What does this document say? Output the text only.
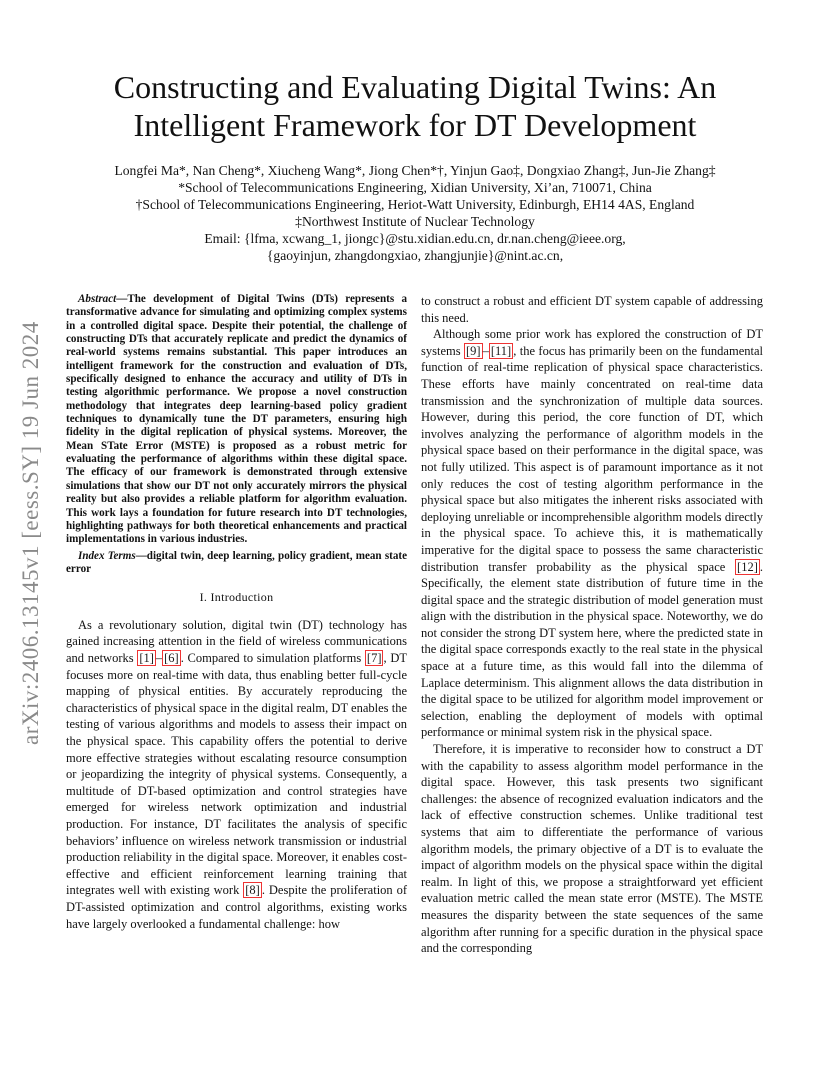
arXiv:2406.13145v1 [eess.SY] 19 Jun 2024
Constructing and Evaluating Digital Twins: An
Intelligent Framework for DT Development
Longfei Ma*, Nan Cheng*, Xiucheng Wang*, Jiong Chen*†, Yinjun Gao‡, Dongxiao Zhang‡, Jun-Jie Zhang‡
*School of Telecommunications Engineering, Xidian University, Xi’an, 710071, China
†School of Telecommunications Engineering, Heriot-Watt University, Edinburgh, EH14 4AS, England
‡Northwest Institute of Nuclear Technology
Email: {lfma, xcwang_1, jiongc}@stu.xidian.edu.cn, dr.nan.cheng@ieee.org,
{gaoyinjun, zhangdongxiao, zhangjunjie}@nint.ac.cn,

Abstract—The development of Digital Twins (DTs) represents a transformative advance for simulating and optimizing complex systems in a controlled digital space. Despite their potential, the challenge of constructing DTs that accurately replicate and predict the dynamics of real-world systems remains substantial. This paper introduces an intelligent framework for the construction and evaluation of DTs, specifically designed to enhance the accuracy and utility of DTs in testing algorithmic performance. We propose a novel construction methodology that integrates deep learning-based policy gradient techniques to dynamically tune the DT parameters, ensuring high fidelity in the digital replication of physical systems. Moreover, the Mean STate Error (MSTE) is proposed as a robust metric for evaluating the performance of algorithms within these digital space. The efficacy of our framework is demonstrated through extensive simulations that show our DT not only accurately mirrors the physical reality but also provides a reliable platform for algorithm evaluation. This work lays a foundation for future research into DT technologies, highlighting pathways for both theoretical enhancements and practical implementations in various industries.

Index Terms—digital twin, deep learning, policy gradient, mean state error

I. Introduction

As a revolutionary solution, digital twin (DT) technology has gained increasing attention in the field of wireless communications and networks [1] – [6] . Compared to simulation platforms [7] , DT focuses more on real-time with data, thus enabling better full-cycle mapping of physical entities. By accurately reproducing the characteristics of physical space in the digital realm, DT enables the testing of various algorithms and models to assess their impact on the physical space. This capability offers the potential to derive more effective strategies without escalating resource consumption or jeopardizing the integrity of physical systems. Consequently, a multitude of DT-based optimization and control strategies have emerged for wireless network optimization and industrial production. For instance, DT facilitates the analysis of specific behaviors’ influence on wireless network transmission or industrial production reliability in the digital space. Moreover, it enables cost-effective and efficient reinforcement learning training that integrates well with existing work [8] . Despite the proliferation of DT-assisted optimization and control algorithms, existing works have largely overlooked a fundamental challenge: how

to construct a robust and efficient DT system capable of addressing this need.

Although some prior work has explored the construction of DT systems [9] – [11] , the focus has primarily been on the fundamental function of real-time replication of physical space characteristics. These efforts have mainly concentrated on real-time data transmission and the synchronization of multiple data sources. However, during this period, the core function of DT, which involves analyzing the performance of algorithm models in the physical space based on their performance in the digital space, was not fully utilized. This aspect is of paramount importance as it not only reduces the cost of testing algorithm performance in the physical space but also mitigates the inherent risks associated with deploying unreliable or incomprehensible algorithm models directly in the physical space. To achieve this, it is mathematically imperative for the digital space to possess the same characteristic distribution transfer probability as the physical space [12] . Specifically, the element state distribution of future time in the digital space and the strategic distribution of model generation must align with the distribution in the physical space. Noteworthy, we do not consider the strong DT system here, where the predicted state in the digital space corresponds exactly to the real state in the physical space at a future time, as this would fall into the dilemma of Laplace determinism. This alignment allows the data distribution in the digital space to be utilized for algorithm model improvement or selection, enabling the deployment of models with optimal performance or minimal system risk in the physical space.

Therefore, it is imperative to reconsider how to construct a DT with the capability to assess algorithm model performance in the digital space. However, this task presents two significant challenges: the absence of recognized evaluation indicators and the lack of effective construction schemes. Unlike traditional test systems that aim to differentiate the performance of various algorithm models, the primary objective of a DT is to evaluate the impact of algorithm models on the physical space within the digital realm. In light of this, we propose a straightforward yet efficient evaluation metric called the mean state error (MSTE). The MSTE measures the disparity between the state sequences of the same algorithm after running for a specific duration in the physical space and the corresponding
